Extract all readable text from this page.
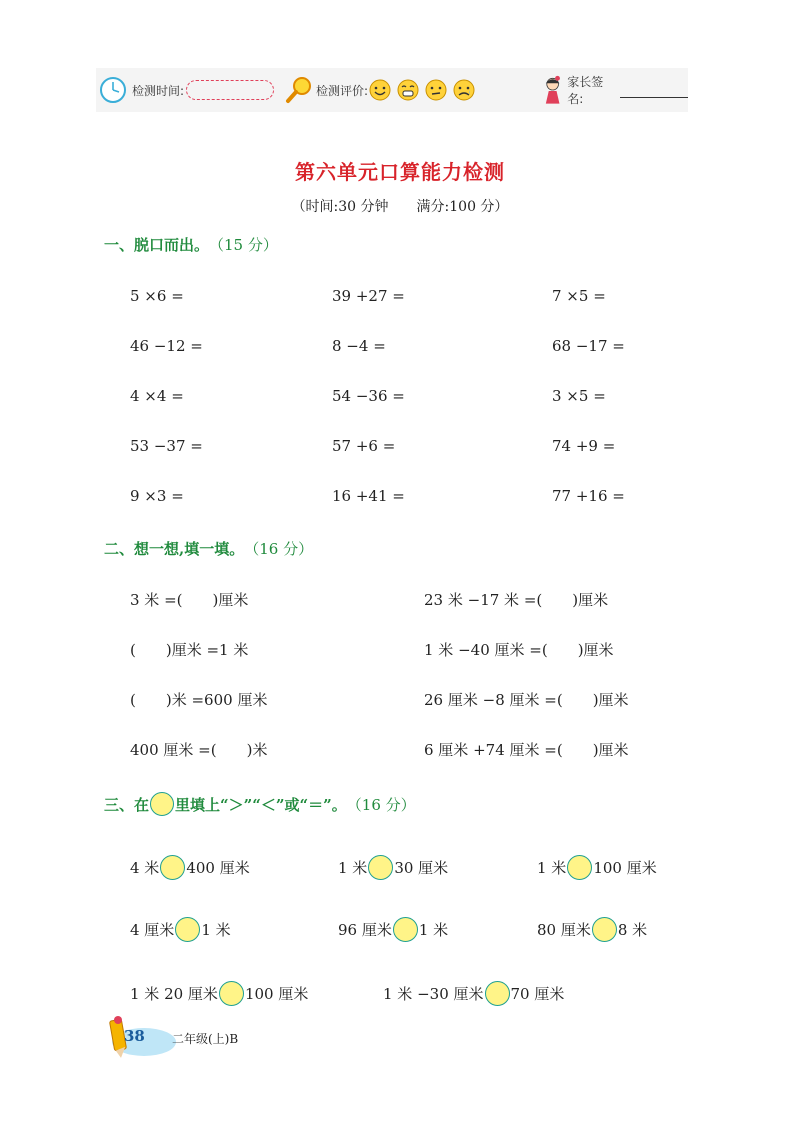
检测时间:	检测评价:
家长签名:
第六单元口算能力检测
（时间:30 分钟　　满分:100 分）
一、脱口而出。 （15 分）
5 ×6 =	39 +27 =	7 ×5 =
46 −12 =	8 −4 =	68 −17 =
4 ×4 =	54 −36 =	3 ×5 =
53 −37 =	57 +6 =	74 +9 =
9 ×3 =	16 +41 =	77 +16 =
二、想一想,填一填。 （16 分）
3 米 =(　　)厘米	23 米 −17 米 =(　　)厘米
(　　)厘米 =1 米	1 米 −40 厘米 =(　　)厘米
(　　)米 =600 厘米	26 厘米 −8 厘米 =(　　)厘米
400 厘米 =(　　)米	6 厘米 +74 厘米 =(　　)厘米
三、在 里填上“＞”“＜”或“＝”。 （16 分）
4 米 400 厘米	1 米 30 厘米	1 米 100 厘米
4 厘米 1 米	96 厘米 1 米	80 厘米 8 米
1 米 20 厘米 100 厘米	1 米 −30 厘米 70 厘米
38 二年级(上)B
